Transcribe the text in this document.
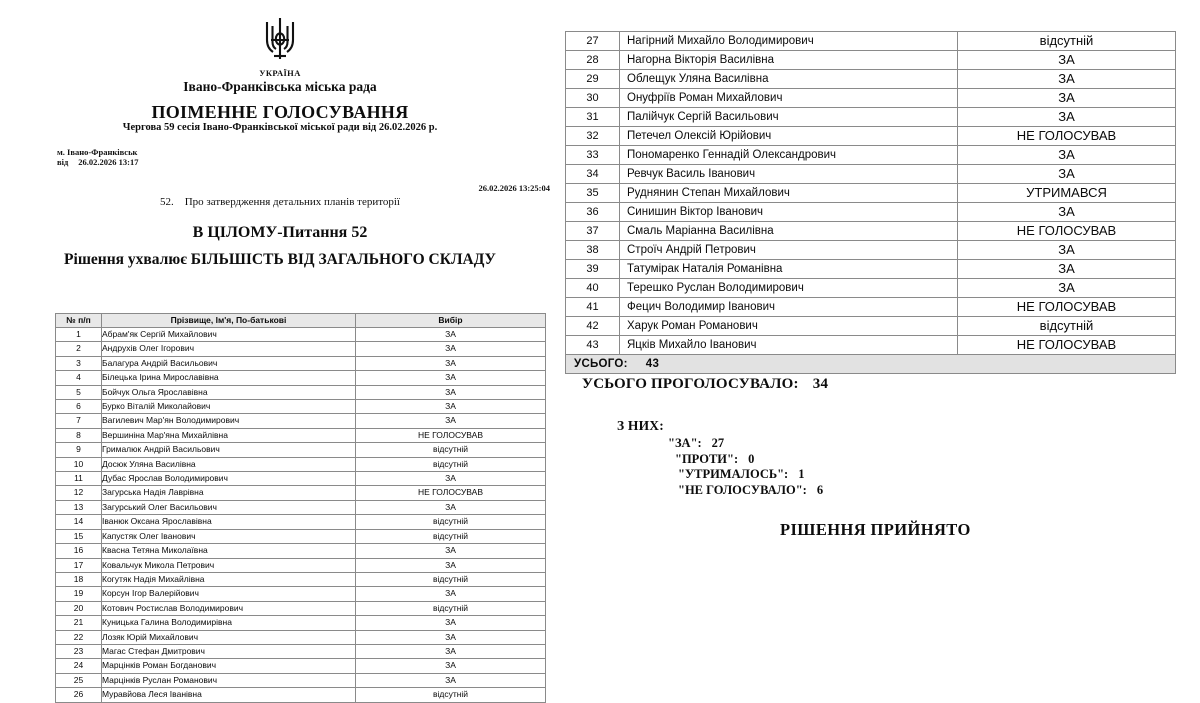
УКРАЇНА
Івано-Франківська міська рада
ПОІМЕННЕ ГОЛОСУВАННЯ
Чергова 59 сесія Івано-Франківської міської ради від 26.02.2026 р.
м. Івано-Франківськ
від 26.02.2026 13:17
26.02.2026 13:25:04
52. Про затвердження детальних планів території
В ЦІЛОМУ-Питання 52
Рішення ухвалює БІЛЬШІСТЬ ВІД ЗАГАЛЬНОГО СКЛАДУ
№ п/п	Прізвище, Ім'я, По-батькові	Вибір
1	Абрам'як Сергій Михайлович	ЗА
2	Андрухів Олег Ігорович	ЗА
3	Балагура Андрій Васильович	ЗА
4	Білецька Ірина Мирославівна	ЗА
5	Бойчук Ольга Ярославівна	ЗА
6	Бурко Віталій Миколайович	ЗА
7	Вагилевич Мар'ян Володимирович	ЗА
8	Вершиніна Мар'яна Михайлівна	НЕ ГОЛОСУВАВ
9	Грималюк Андрій Васильович	відсутній
10	Досюк Уляна Василівна	відсутній
11	Дубас Ярослав Володимирович	ЗА
12	Загурська Надія Лаврівна	НЕ ГОЛОСУВАВ
13	Загурський Олег Васильович	ЗА
14	Іванюк Оксана Ярославівна	відсутній
15	Капустяк Олег Іванович	відсутній
16	Квасна Тетяна Миколаївна	ЗА
17	Ковальчук Микола Петрович	ЗА
18	Когутяк Надія Михайлівна	відсутній
19	Корсун Ігор Валерійович	ЗА
20	Котович Ростислав Володимирович	відсутній
21	Куницька Галина Володимирівна	ЗА
22	Лозяк Юрій Михайлович	ЗА
23	Магас Стефан Дмитрович	ЗА
24	Марцінків Роман Богданович	ЗА
25	Марцінків Руслан Романович	ЗА
26	Муравйова Леся Іванівна	відсутній
27	Нагірний Михайло Володимирович	відсутній
28	Нагорна Вікторія Василівна	ЗА
29	Облещук Уляна Василівна	ЗА
30	Онуфріїв Роман Михайлович	ЗА
31	Палійчук Сергій Васильович	ЗА
32	Петечел Олексій Юрійович	НЕ ГОЛОСУВАВ
33	Пономаренко Геннадій Олександрович	ЗА
34	Ревчук Василь Іванович	ЗА
35	Руднянин Степан Михайлович	УТРИМАВСЯ
36	Синишин Віктор Іванович	ЗА
37	Смаль Маріанна Василівна	НЕ ГОЛОСУВАВ
38	Строїч Андрій Петрович	ЗА
39	Татумірак Наталія Романівна	ЗА
40	Терешко Руслан Володимирович	ЗА
41	Фецич Володимир Іванович	НЕ ГОЛОСУВАВ
42	Харук Роман Романович	відсутній
43	Яцків Михайло Іванович	НЕ ГОЛОСУВАВ
УСЬОГО: 43		
УСЬОГО ПРОГОЛОСУВАЛО: 34
З НИХ:
"ЗА": 27
"ПРОТИ": 0
"УТРИМАЛОСЬ": 1
"НЕ ГОЛОСУВАЛО": 6
РІШЕННЯ ПРИЙНЯТО
